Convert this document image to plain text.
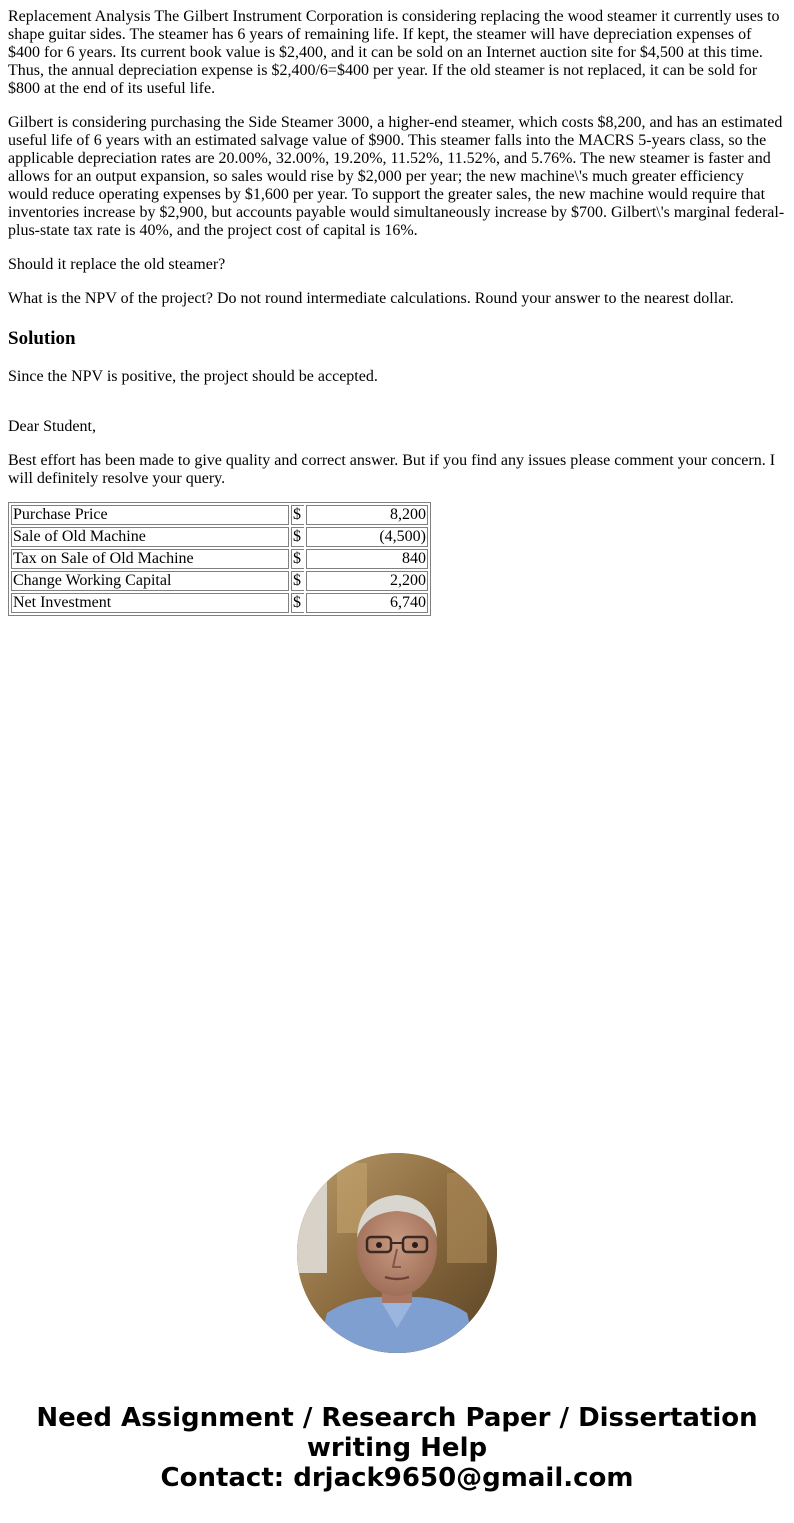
Replacement Analysis The Gilbert Instrument Corporation is considering replacing the wood steamer it currently uses to shape guitar sides. The steamer has 6 years of remaining life. If kept, the steamer will have depreciation expenses of $400 for 6 years. Its current book value is $2,400, and it can be sold on an Internet auction site for $4,500 at this time. Thus, the annual depreciation expense is $2,400/6=$400 per year. If the old steamer is not replaced, it can be sold for $800 at the end of its useful life.

Gilbert is considering purchasing the Side Steamer 3000, a higher-end steamer, which costs $8,200, and has an estimated useful life of 6 years with an estimated salvage value of $900. This steamer falls into the MACRS 5-years class, so the applicable depreciation rates are 20.00%, 32.00%, 19.20%, 11.52%, 11.52%, and 5.76%. The new steamer is faster and allows for an output expansion, so sales would rise by $2,000 per year; the new machine\'s much greater efficiency would reduce operating expenses by $1,600 per year. To support the greater sales, the new machine would require that inventories increase by $2,900, but accounts payable would simultaneously increase by $700. Gilbert\'s marginal federal-plus-state tax rate is 40%, and the project cost of capital is 16%.

Should it replace the old steamer?

What is the NPV of the project? Do not round intermediate calculations. Round your answer to the nearest dollar.

Solution

Since the NPV is positive, the project should be accepted.

Dear Student,

Best effort has been made to give quality and correct answer. But if you find any issues please comment your concern. I will definitely resolve your query.

Purchase Price	$	8,200
Sale of Old Machine	$	(4,500)
Tax on Sale of Old Machine	$	840
Change Working Capital	$	2,200
Net Investment	$	6,740
Need Assignment / Research Paper / Dissertation
writing Help
Contact: drjack9650@gmail.com
